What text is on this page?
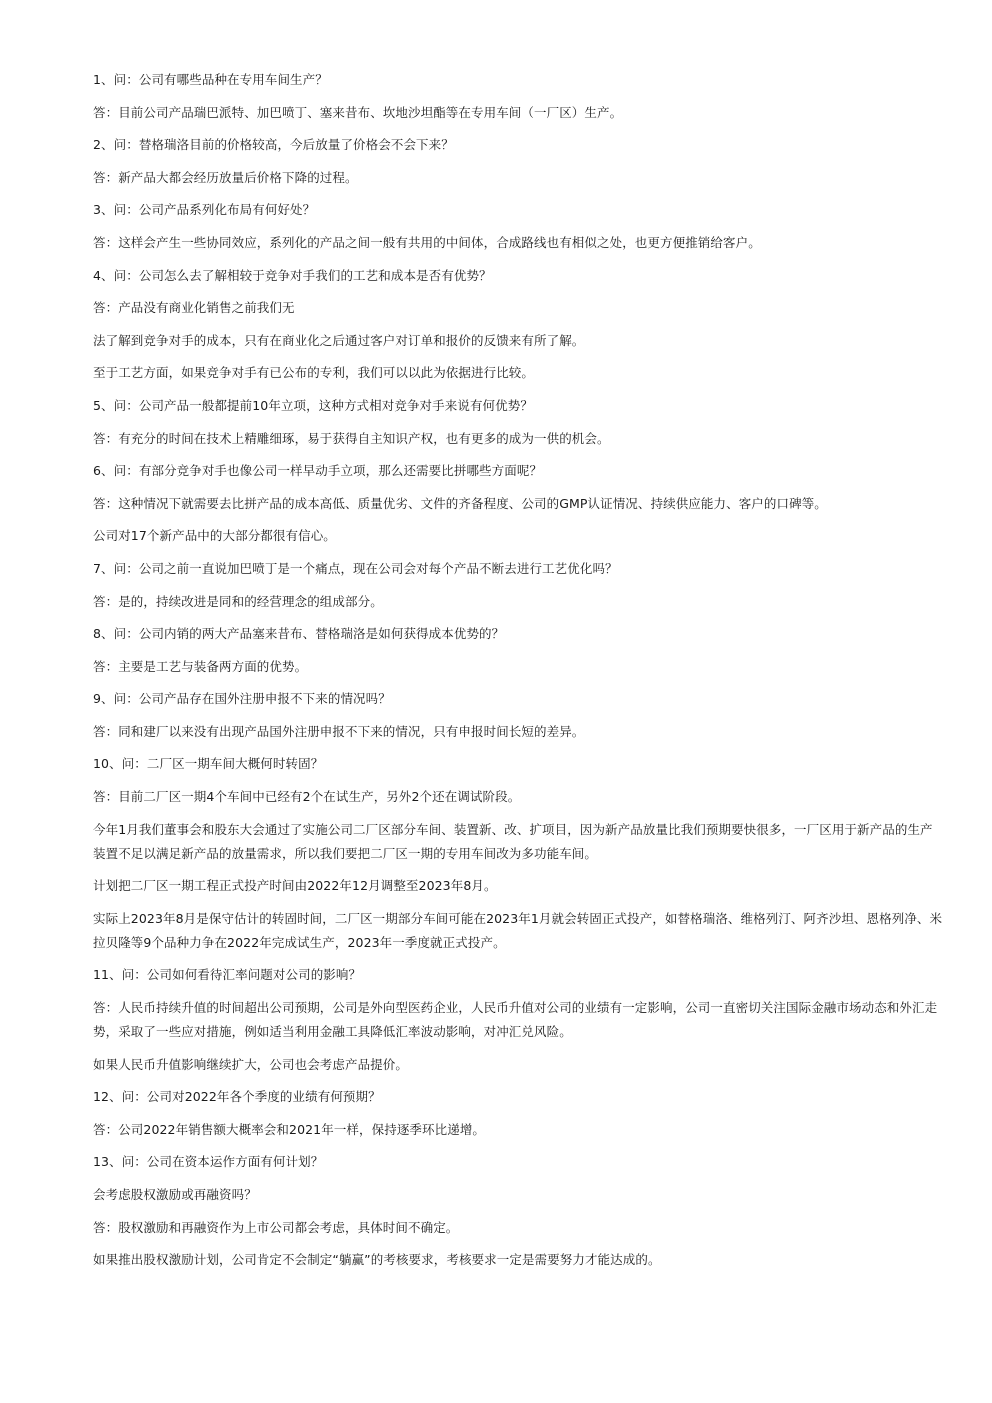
1、问：公司有哪些品种在专用车间生产？

答：目前公司产品瑞巴派特、加巴喷丁、塞来昔布、坎地沙坦酯等在专用车间（一厂区）生产。

2、问：替格瑞洛目前的价格较高，今后放量了价格会不会下来？

答：新产品大都会经历放量后价格下降的过程。

3、问：公司产品系列化布局有何好处？

答：这样会产生一些协同效应，系列化的产品之间一般有共用的中间体，合成路线也有相似之处，也更方便推销给客户。

4、问：公司怎么去了解相较于竞争对手我们的工艺和成本是否有优势？

答：产品没有商业化销售之前我们无

法了解到竞争对手的成本，只有在商业化之后通过客户对订单和报价的反馈来有所了解。

至于工艺方面，如果竞争对手有已公布的专利，我们可以以此为依据进行比较。

5、问：公司产品一般都提前10年立项，这种方式相对竞争对手来说有何优势？

答：有充分的时间在技术上精雕细琢，易于获得自主知识产权，也有更多的成为一供的机会。

6、问：有部分竞争对手也像公司一样早动手立项，那么还需要比拼哪些方面呢？

答：这种情况下就需要去比拼产品的成本高低、质量优劣、文件的齐备程度、公司的GMP认证情况、持续供应能力、客户的口碑等。

公司对17个新产品中的大部分都很有信心。

7、问：公司之前一直说加巴喷丁是一个痛点，现在公司会对每个产品不断去进行工艺优化吗？

答：是的，持续改进是同和的经营理念的组成部分。

8、问：公司内销的两大产品塞来昔布、替格瑞洛是如何获得成本优势的？

答：主要是工艺与装备两方面的优势。

9、问：公司产品存在国外注册申报不下来的情况吗？

答：同和建厂以来没有出现产品国外注册申报不下来的情况，只有申报时间长短的差异。

10、问：二厂区一期车间大概何时转固？

答：目前二厂区一期4个车间中已经有2个在试生产，另外2个还在调试阶段。

今年1月我们董事会和股东大会通过了实施公司二厂区部分车间、装置新、改、扩项目，因为新产品放量比我们预期要快很多，一厂区用于新产品的生产装置不足以满足新产品的放量需求，所以我们要把二厂区一期的专用车间改为多功能车间。

计划把二厂区一期工程正式投产时间由2022年12月调整至2023年8月。

实际上2023年8月是保守估计的转固时间，二厂区一期部分车间可能在2023年1月就会转固正式投产，如替格瑞洛、维格列汀、阿齐沙坦、恩格列净、米拉贝隆等9个品种力争在2022年完成试生产，2023年一季度就正式投产。

11、问：公司如何看待汇率问题对公司的影响？

答：人民币持续升值的时间超出公司预期，公司是外向型医药企业，人民币升值对公司的业绩有一定影响，公司一直密切关注国际金融市场动态和外汇走势，采取了一些应对措施，例如适当利用金融工具降低汇率波动影响，对冲汇兑风险。

如果人民币升值影响继续扩大，公司也会考虑产品提价。

12、问：公司对2022年各个季度的业绩有何预期？

答：公司2022年销售额大概率会和2021年一样，保持逐季环比递增。

13、问：公司在资本运作方面有何计划？

会考虑股权激励或再融资吗？

答：股权激励和再融资作为上市公司都会考虑，具体时间不确定。

如果推出股权激励计划，公司肯定不会制定“躺赢”的考核要求，考核要求一定是需要努力才能达成的。
